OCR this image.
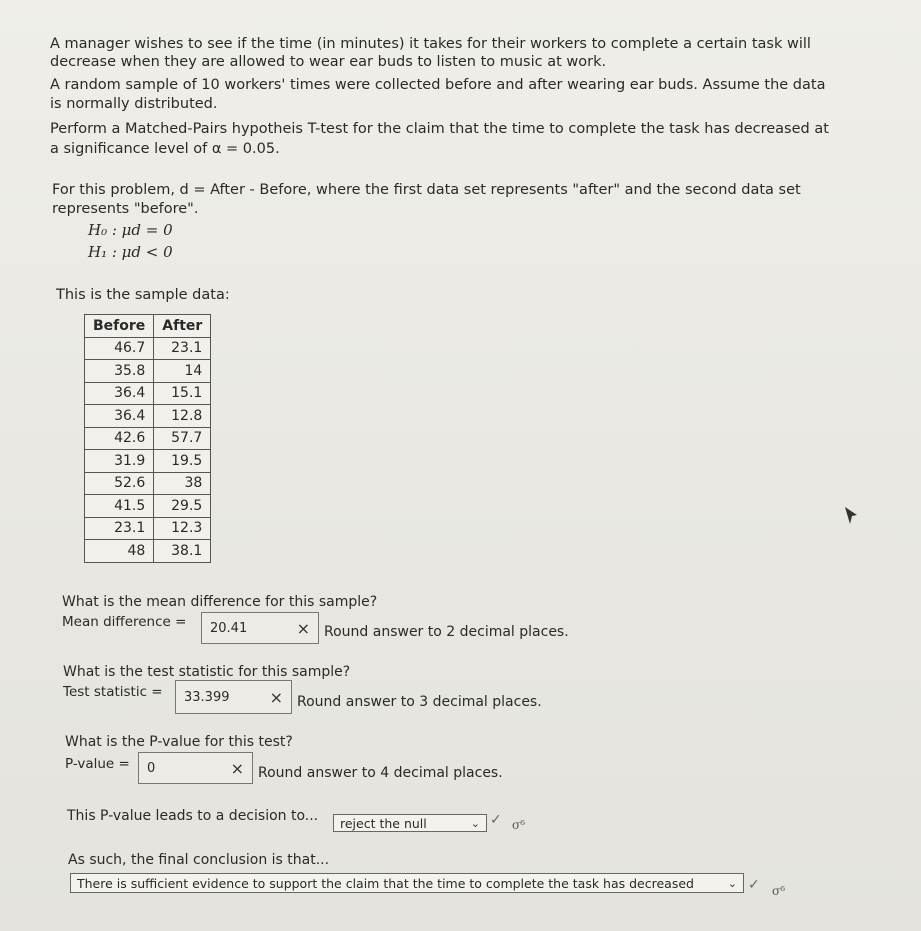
A manager wishes to see if the time (in minutes) it takes for their workers to complete a certain task will
decrease when they are allowed to wear ear buds to listen to music at work.
A random sample of 10 workers' times were collected before and after wearing ear buds. Assume the data
is normally distributed.
Perform a Matched-Pairs hypotheis T-test for the claim that the time to complete the task has decreased at
a significance level of α = 0.05.
For this problem, d = After - Before, where the first data set represents "after" and the second data set
represents "before".
H₀ : μd = 0
H₁ : μd < 0
This is the sample data:
Before	After
46.7	23.1
35.8	14
36.4	15.1
36.4	12.8
42.6	57.7
31.9	19.5
52.6	38
41.5	29.5
23.1	12.3
48	38.1
What is the mean difference for this sample?
Mean difference = 20.41	× Round answer to 2 decimal places.
What is the test statistic for this sample?
Test statistic = 33.399	× Round answer to 3 decimal places.
What is the P-value for this test?
P-value = 0	× Round answer to 4 decimal places.
This P-value leads to a decision to... reject the null	⌄ ✓ σ⁶
As such, the final conclusion is that...
There is sufficient evidence to support the claim that the time to complete the task has decreased	⌄ ✓ σ⁶
